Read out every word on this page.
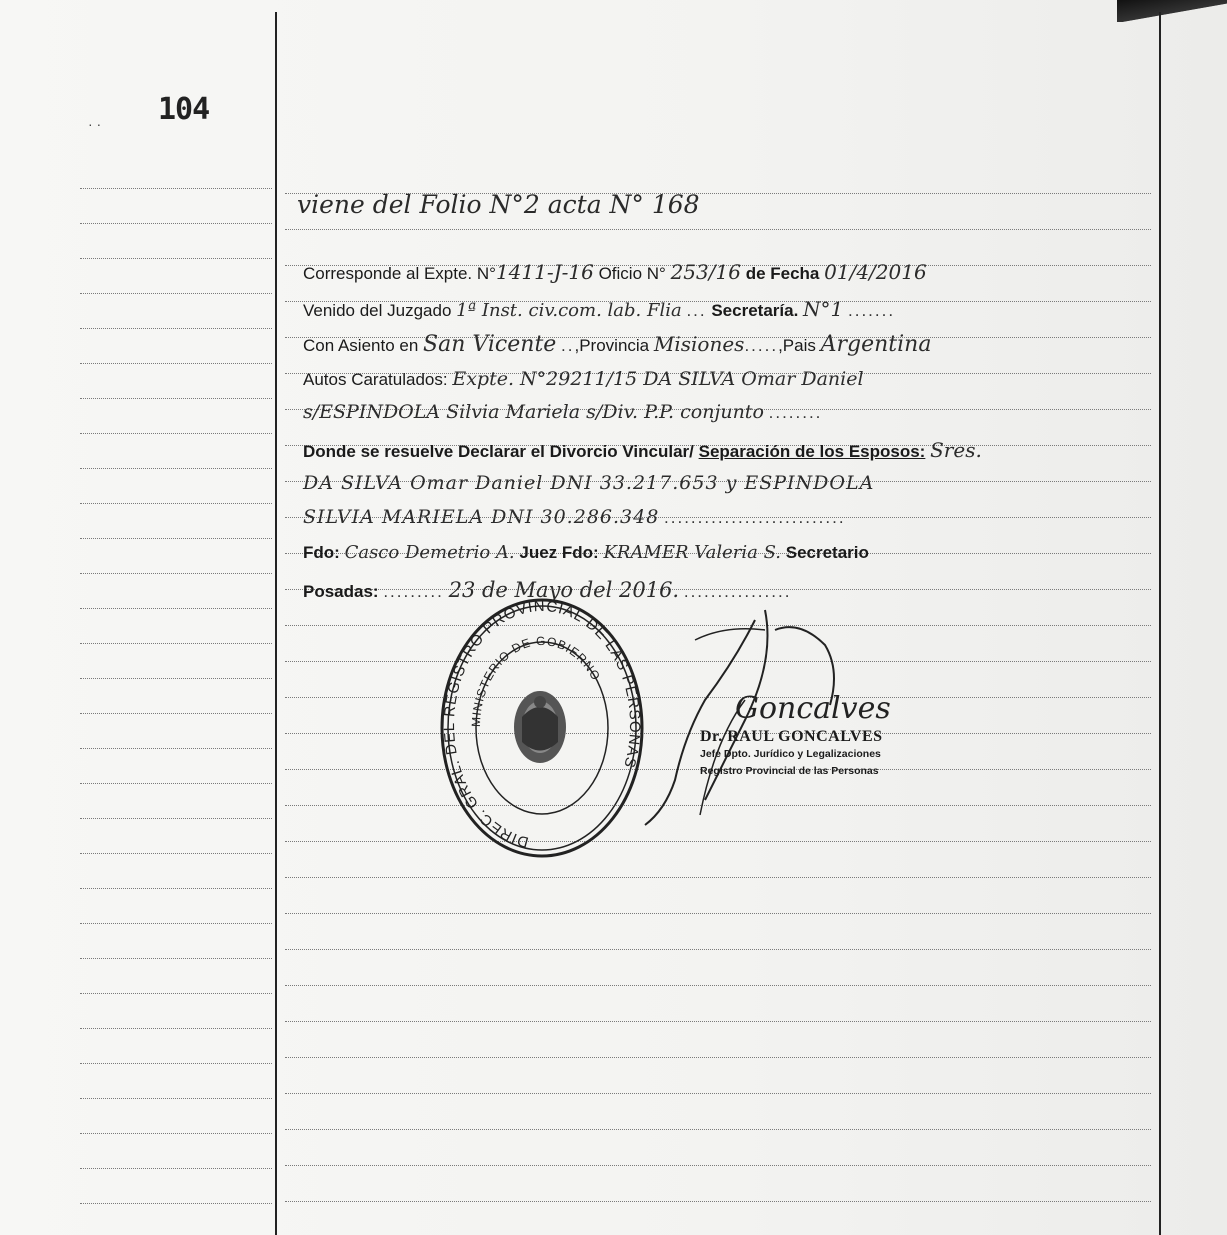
· · 104
viene del Folio N°2 acta N° 168
Corresponde al Expte. N°1411-J-16 Oficio N° 253/16 de Fecha 01/4/2016
Venido del Juzgado 1ª Inst. civ.com. lab. Flia ... Secretaría. N°1 .......
Con Asiento en San Vicente ..,Provincia Misiones.....,Pais Argentina
Autos Caratulados: Expte. N°29211/15 DA SILVA Omar Daniel
s/ESPINDOLA Silvia Mariela s/Div. P.P. conjunto ........
Donde se resuelve Declarar el Divorcio Vincular/ Separación de los Esposos: Sres.
DA SILVA Omar Daniel DNI 33.217.653 y ESPINDOLA
SILVIA MARIELA DNI 30.286.348 ...........................
Fdo: Casco Demetrio A. Juez Fdo: KRAMER Valeria S. Secretario
Posadas: ......... 23 de Mayo del 2016. ................
DIREC. GRAL. DEL REGISTRO PROVINCIAL DE LAS PERSONAS
MINISTERIO DE GOBIERNO
Goncalves
Dr. RAUL GONCALVES
Jefe Dpto. Jurídico y Legalizaciones
Registro Provincial de las Personas
